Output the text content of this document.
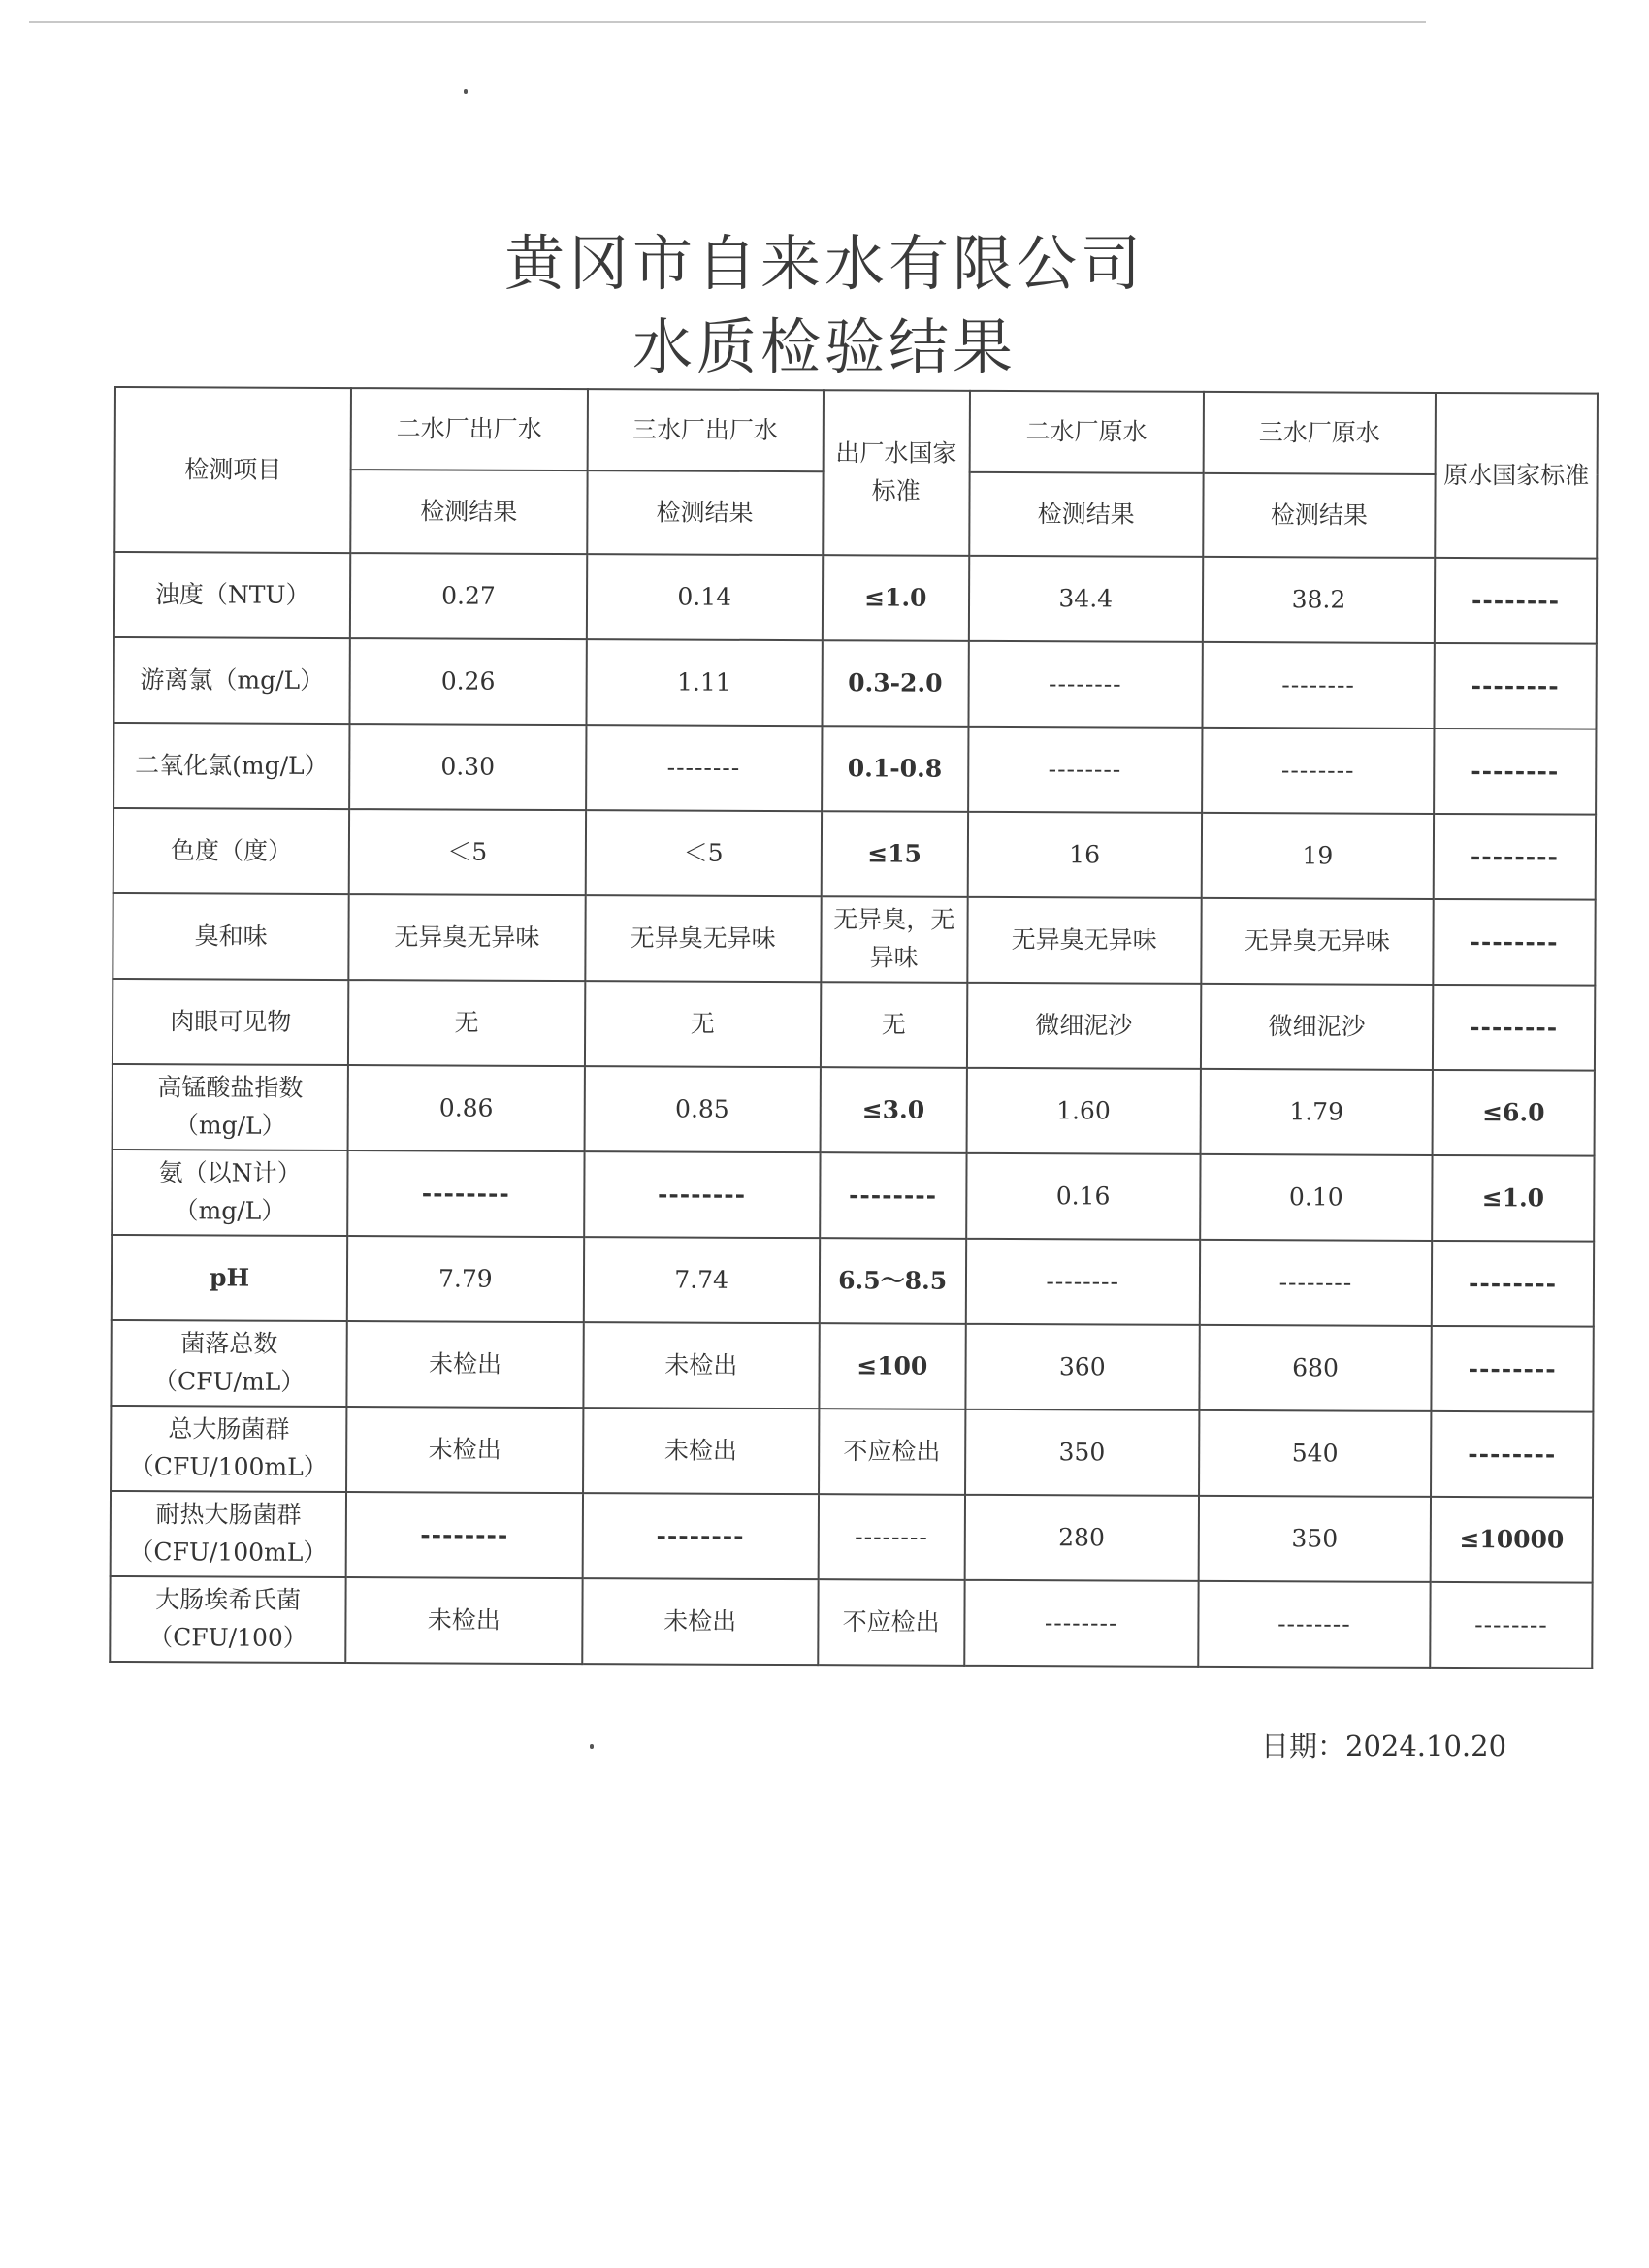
黄冈市自来水有限公司
水质检验结果
检测项目	二水厂出厂水	三水厂出厂水	出厂水国家标准	二水厂原水	三水厂原水	原水国家标准
	检测结果	检测结果		检测结果	检测结果	
浊度（NTU）	0.27	0.14	≤1.0	34.4	38.2	--------
游离氯（mg/L）	0.26	1.11	0.3-2.0	--------	--------	--------
二氧化氯(mg/L）	0.30	--------	0.1-0.8	--------	--------	--------
色度（度）	＜5	＜5	≤15	16	19	--------
臭和味	无异臭无异味	无异臭无异味	无异臭，无异味	无异臭无异味	无异臭无异味	--------
肉眼可见物	无	无	无	微细泥沙	微细泥沙	--------
高锰酸盐指数（mg/L）	0.86	0.85	≤3.0	1.60	1.79	≤6.0
氨（以N计）（mg/L）	--------	--------	--------	0.16	0.10	≤1.0
pH	7.79	7.74	6.5～8.5	--------	--------	--------
菌落总数（CFU/mL）	未检出	未检出	≤100	360	680	--------
总大肠菌群（CFU/100mL）	未检出	未检出	不应检出	350	540	--------
耐热大肠菌群（CFU/100mL）	--------	--------	--------	280	350	≤10000
大肠埃希氏菌（CFU/100）	未检出	未检出	不应检出	--------	--------	--------
日期：2024.10.20
